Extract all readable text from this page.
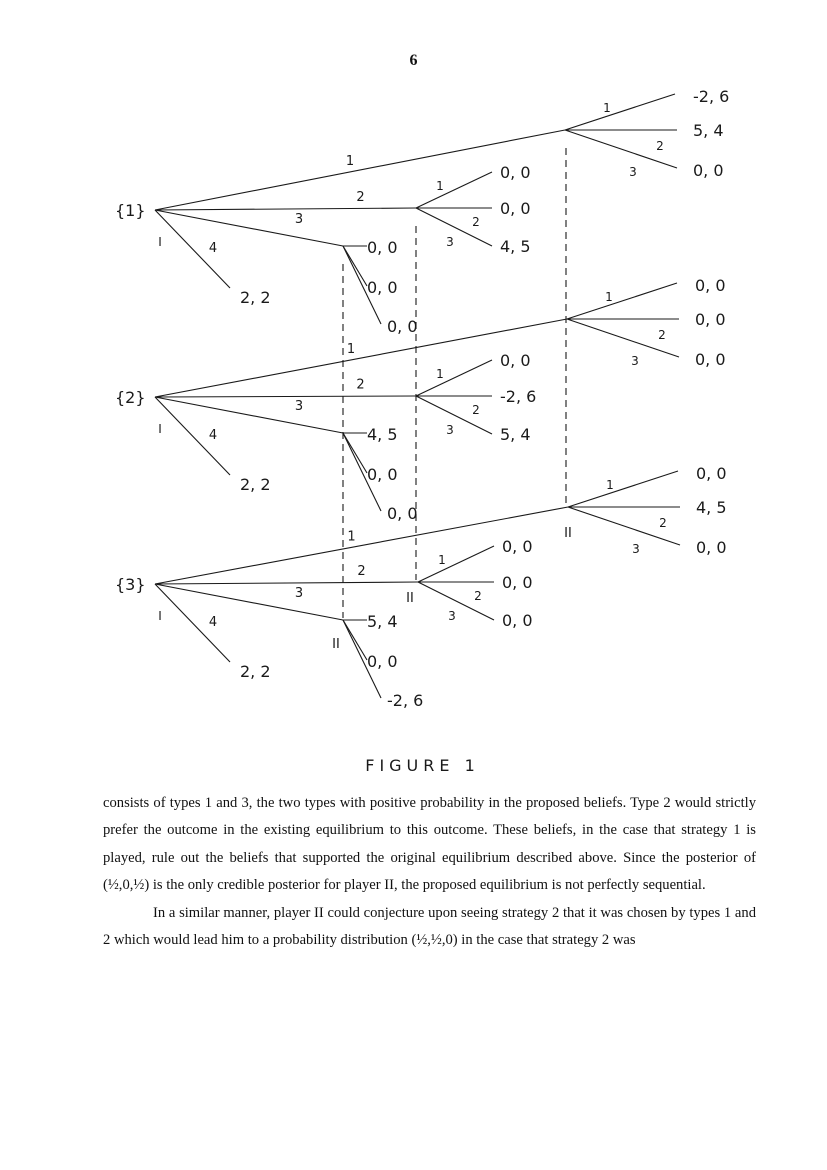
6
II
II
II
{1}
I
1
1
-2, 6
2
5, 4
3	0, 0
2
1
0, 0
2
0, 0
3	4, 5
3
0, 0
0, 0
0, 0
4
2, 2
{2}
I
1
1
0, 0
2
0, 0
3	0, 0
2
1
0, 0
2
-2, 6
3	5, 4
3
4, 5
0, 0
0, 0
4
2, 2
{3}
I
1
1
0, 0
2
4, 5
3	0, 0
2
1
0, 0
2
0, 0
3	0, 0
3
5, 4
0, 0
-2, 6
4
2, 2
FIGURE 1

consists of types 1 and 3, the two types with positive probability in the proposed beliefs. Type 2 would strictly prefer the outcome in the existing equilibrium to this outcome. These beliefs, in the case that strategy 1 is played, rule out the beliefs that supported the original equilibrium described above. Since the posterior of (½,0,½) is the only credible posterior for player II, the proposed equilibrium is not perfectly sequential.

In a similar manner, player II could conjecture upon seeing strategy 2 that it was chosen by types 1 and 2 which would lead him to a probability distribution (½,½,0) in the case that strategy 2 was
